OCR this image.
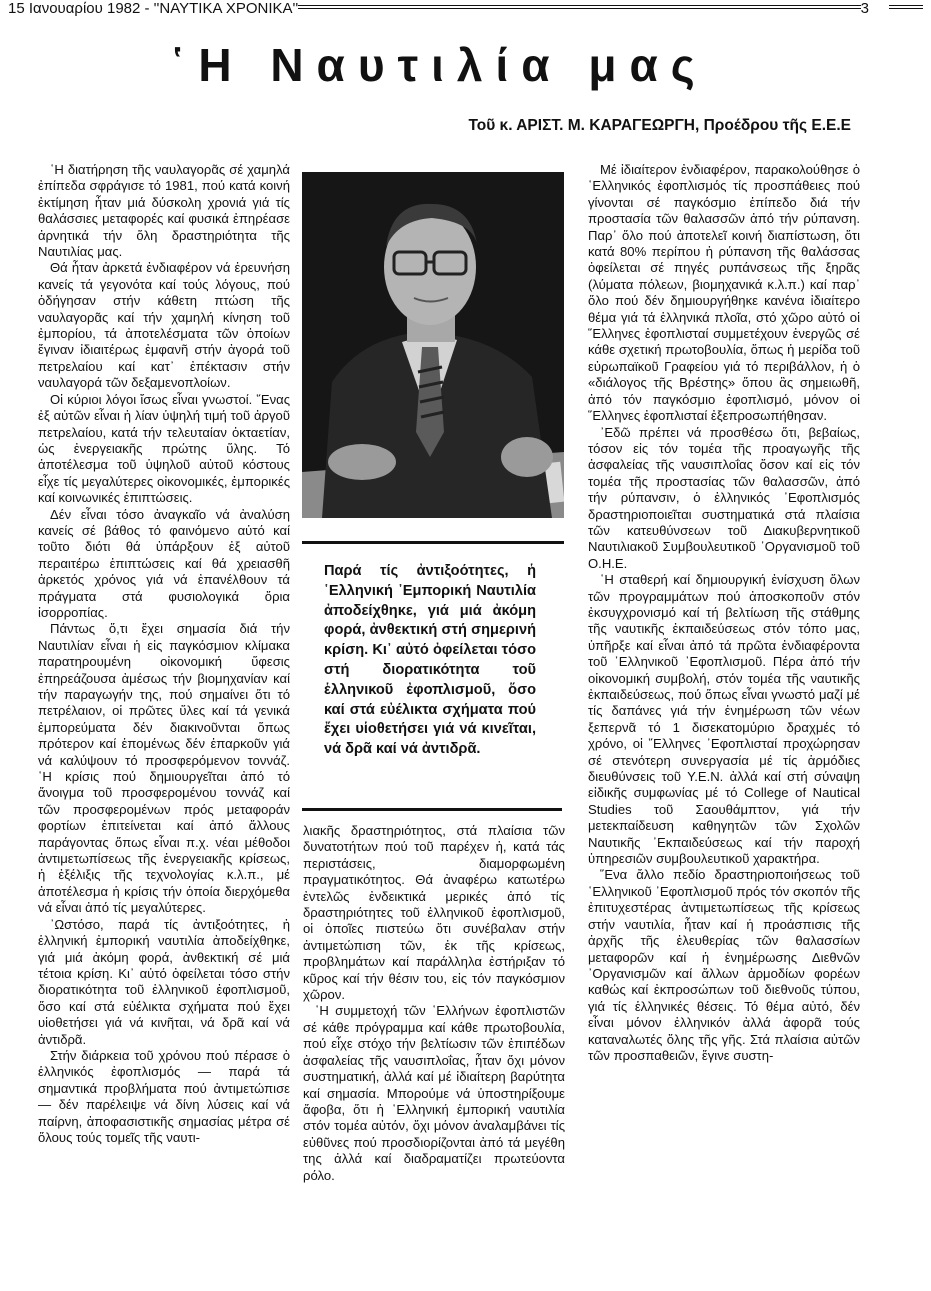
15 Ιανουαρίου 1982 - ''ΝΑΥΤΙΚΑ ΧΡΟΝΙΚΑ''	3
῾Η Ναυτιλία μας
Τοῦ κ. ΑΡΙΣΤ. Μ. ΚΑΡΑΓΕΩΡΓΗ, Προέδρου τῆς Ε.Ε.Ε

῾Η διατήρηση τῆς ναυλαγορᾶς σέ χαμηλά ἐπίπεδα σφράγισε τό 1981, πού κατά κοινή ἐκτίμηση ἦταν μιά δύσκολη χρονιά γιά τίς θαλάσσιες μεταφορές καί φυσικά ἐπηρέασε ἀρνητικά τήν ὅλη δραστηριότητα τῆς Ναυτιλίας μας.

Θά ἦταν ἀρκετά ἐνδιαφέρον νά ἐρευνήση κανείς τά γεγονότα καί τούς λόγους, πού ὁδήγησαν στήν κάθετη πτώση τῆς ναυλαγορᾶς καί τήν χαμηλή κίνηση τοῦ ἐμπορίου, τά ἀποτελέσματα τῶν ὁποίων ἔγιναν ἰδιαιτέρως ἐμφανῆ στήν ἀγορά τοῦ πετρελαίου καί κατ᾿ ἐπέκτασιν στήν ναυλαγορά τῶν δεξαμενοπλοίων.

Οἱ κύριοι λόγοι ἴσως εἶναι γνωστοί. ῞Ενας ἐξ αὐτῶν εἶναι ἡ λίαν ὑψηλή τιμή τοῦ ἀργοῦ πετρελαίου, κατά τήν τελευταίαν ὀκταετίαν, ὡς ἐνεργειακῆς πρώτης ὕλης. Τό ἀποτέλεσμα τοῦ ὑψηλοῦ αὐτοῦ κόστους εἶχε τίς μεγαλύτερες οἰκονομικές, ἐμπορικές καί κοινωνικές ἐπιπτώσεις.

Δέν εἶναι τόσο ἀναγκαῖο νά ἀναλύση κανείς σέ βάθος τό φαινόμενο αὐτό καί τοῦτο διότι θά ὑπάρξουν ἐξ αὐτοῦ περαιτέρω ἐπιπτώσεις καί θά χρειασθῆ ἀρκετός χρόνος γιά νά ἐπανέλθουν τά πράγματα στά φυσιολογικά ὅρια ἰσορροπίας.

Πάντως ὅ,τι ἔχει σημασία διά τήν Ναυτιλίαν εἶναι ἡ εἰς παγκόσμιον κλίμακα παρατηρουμένη οἰκονομική ὕφεσις ἐπηρεάζουσα ἀμέσως τήν βιομηχανίαν καί τήν παραγωγήν της, πού σημαίνει ὅτι τό πετρέλαιον, οἱ πρῶτες ὕλες καί τά γενικά ἐμπορεύματα δέν διακινοῦνται ὅπως πρότερον καί ἑπομένως δέν ἐπαρκοῦν γιά νά καλύψουν τό προσφερόμενον τοννάζ. ῾Η κρίσις πού δημιουργεῖται ἀπό τό ἄνοιγμα τοῦ προσφερομένου τοννάζ καί τῶν προσφερομένων πρός μεταφοράν φορτίων ἐπιτείνεται καί ἀπό ἄλλους παράγοντας ὅπως εἶναι π.χ. νέαι μέθοδοι ἀντιμετωπίσεως τῆς ἐνεργειακῆς κρίσεως, ἡ ἐξέλιξις τῆς τεχνολογίας κ.λ.π., μέ ἀποτέλεσμα ἡ κρίσις τήν ὁποία διερχόμεθα νά εἶναι ἀπό τίς μεγαλύτερες.

᾿Ωστόσο, παρά τίς ἀντιξοότητες, ἡ ἑλληνική ἐμπορική ναυτιλία ἀποδείχθηκε, γιά μιά ἀκόμη φορά, ἀνθεκτική σέ μιά τέτοια κρίση. Κι᾿ αὐτό ὀφείλεται τόσο στήν διορατικότητα τοῦ ἑλληνικοῦ ἐφοπλισμοῦ, ὅσο καί στά εὐέλικτα σχήματα πού ἔχει υἱοθετήσει γιά νά κινῆται, νά δρᾶ καί νά ἀντιδρᾶ.

Στήν διάρκεια τοῦ χρόνου πού πέρασε ὁ ἑλληνικός ἐφοπλισμός — παρά τά σημαντικά προβλήματα πού ἀντιμετώπισε — δέν παρέλειψε νά δίνη λύσεις καί νά παίρνη, ἀποφασιστικῆς σημασίας μέτρα σέ ὅλους τούς τομεῖς τῆς ναυτι-

Παρά τίς ἀντιξοότητες, ἡ ῾Ελληνική ᾿Εμπορική Ναυτιλία ἀποδείχθηκε, γιά μιά ἀκόμη φορά, ἀνθεκτική στή σημερινή κρίση. Κι᾿ αὐτό ὀφείλεται τόσο στή διορατικότητα τοῦ ἑλληνικοῦ ἐφοπλισμοῦ, ὅσο καί στά εὐέλικτα σχήματα πού ἔχει υἱοθετήσει γιά νά κινεῖται, νά δρᾶ καί νά ἀντιδρᾶ.

λιακῆς δραστηριότητος, στά πλαίσια τῶν δυνατοτήτων πού τοῦ παρέχεν ἡ, κατά τάς περιστάσεις, διαμορφωμένη πραγματικότητος. Θά ἀναφέρω κατωτέρω ἐντελῶς ἐνδεικτικά μερικές ἀπό τίς δραστηριότητες τοῦ ἑλληνικοῦ ἐφοπλισμοῦ, οἱ ὁποῖες πιστεύω ὅτι συνέβαλαν στήν ἀντιμετώπιση τῶν, ἐκ τῆς κρίσεως, προβλημάτων καί παράλληλα ἐστήριξαν τό κῦρος καί τήν θέσιν του, εἰς τόν παγκόσμιον χῶρον.

῾Η συμμετοχή τῶν ῾Ελλήνων ἐφοπλιστῶν σέ κάθε πρόγραμμα καί κάθε πρωτοβουλία, πού εἶχε στόχο τήν βελτίωσιν τῶν ἐπιπέδων ἀσφαλείας τῆς ναυσιπλοΐας, ἦταν ὄχι μόνον συστηματική, ἀλλά καί μέ ἰδιαίτερη βαρύτητα καί σημασία. Μπορούμε νά ὑποστηρίξουμε ἄφοβα, ὅτι ἡ ῾Ελληνική ἐμπορική ναυτιλία στόν τομέα αὐτόν, ὄχι μόνον ἀναλαμβάνει τίς εὐθῦνες πού προσδιορίζονται ἀπό τά μεγέθη της ἀλλά καί διαδραματίζει πρωτεύοντα ρόλο.

Μέ ἰδιαίτερον ἐνδιαφέρον, παρακολούθησε ὁ ῾Ελληνικός ἐφοπλισμός τίς προσπάθειες πού γίνονται σέ παγκόσμιο ἐπίπεδο διά τήν προστασία τῶν θαλασσῶν ἀπό τήν ρύπανση. Παρ᾿ ὅλο πού ἀποτελεῖ κοινή διαπίστωση, ὅτι κατά 80% περίπου ἡ ρύπανση τῆς θαλάσσας ὀφείλεται σέ πηγές ρυπάνσεως τῆς ξηρᾶς (λύματα πόλεων, βιομηχανικά κ.λ.π.) καί παρ᾿ ὅλο πού δέν δημιουργήθηκε κανένα ἰδιαίτερο θέμα γιά τά ἑλληνικά πλοῖα, στό χῶρο αὐτό οἱ ῞Ελληνες ἐφοπλισταί συμμετέχουν ἐνεργῶς σέ κάθε σχετική πρωτοβουλία, ὅπως ἡ μερίδα τοῦ εὐρωπαϊκοῦ Γραφείου γιά τό περιβάλλον, ἡ ὁ «διάλογος τῆς Βρέστης» ὅπου ἂς σημειωθῆ, ἀπό τόν παγκόσμιο ἐφοπλισμό, μόνον οἱ ῞Ελληνες ἐφοπλισταί ἐξεπροσωπήθησαν.

᾿Εδῶ πρέπει νά προσθέσω ὅτι, βεβαίως, τόσον εἰς τόν τομέα τῆς προαγωγῆς τῆς ἀσφαλείας τῆς ναυσιπλοΐας ὅσον καί εἰς τόν τομέα τῆς προστασίας τῶν θαλασσῶν, ἀπό τήν ρύπανσιν, ὁ ἑλληνικός ᾿Εφοπλισμός δραστηριοποιεῖται συστηματικά στά πλαίσια τῶν κατευθύνσεων τοῦ Διακυβερνητικοῦ Ναυτιλιακοῦ Συμβουλευτικοῦ ᾿Οργανισμοῦ τοῦ Ο.Η.Ε.

῾Η σταθερή καί δημιουργική ἐνίσχυση ὅλων τῶν προγραμμάτων πού ἀποσκοποῦν στόν ἐκσυγχρονισμό καί τή βελτίωση τῆς στάθμης τῆς ναυτικῆς ἐκπαιδεύσεως στόν τόπο μας, ὑπῆρξε καί εἶναι ἀπό τά πρῶτα ἐνδιαφέροντα τοῦ ῾Ελληνικοῦ ᾿Εφοπλισμοῦ. Πέρα ἀπό τήν οἰκονομική συμβολή, στόν τομέα τῆς ναυτικῆς ἐκπαιδεύσεως, πού ὅπως εἶναι γνωστό μαζί μέ τίς δαπάνες γιά τήν ἐνημέρωση τῶν νέων ξεπερνᾶ τό 1 δισεκατομύριο δραχμές τό χρόνο, οἱ ῞Ελληνες ᾿Εφοπλισταί προχώρησαν σέ στενότερη συνεργασία μέ τίς ἁρμόδιες διευθύνσεις τοῦ Υ.Ε.Ν. ἀλλά καί στή σύναψη εἰδικῆς συμφωνίας μέ τό College of Nautical Studies τοῦ Σαουθάμπτον, γιά τήν μετεκπαίδευση καθηγητῶν τῶν Σχολῶν Ναυτικῆς ᾿Εκπαιδεύσεως καί τήν παροχή ὑπηρεσιῶν συμβουλευτικοῦ χαρακτήρα.

῞Ενα ἄλλο πεδίο δραστηριοποιήσεως τοῦ ῾Ελληνικοῦ ᾿Εφοπλισμοῦ πρός τόν σκοπόν τῆς ἐπιτυχεστέρας ἀντιμετωπίσεως τῆς κρίσεως στήν ναυτιλία, ἦταν καί ἡ προάσπισις τῆς ἀρχῆς τῆς ἐλευθερίας τῶν θαλασσίων μεταφορῶν καί ἡ ἐνημέρωσης Διεθνῶν ᾿Οργανισμῶν καί ἄλλων ἁρμοδίων φορέων καθώς καί ἐκπροσώπων τοῦ διεθνοῦς τύπου, γιά τίς ἑλληνικές θέσεις. Τό θέμα αὐτό, δέν εἶναι μόνον ἑλληνικόν ἀλλά ἀφορᾶ τούς καταναλωτές ὅλης τῆς γῆς. Στά πλαίσια αὐτῶν τῶν προσπαθειῶν, ἔγινε συστη-
